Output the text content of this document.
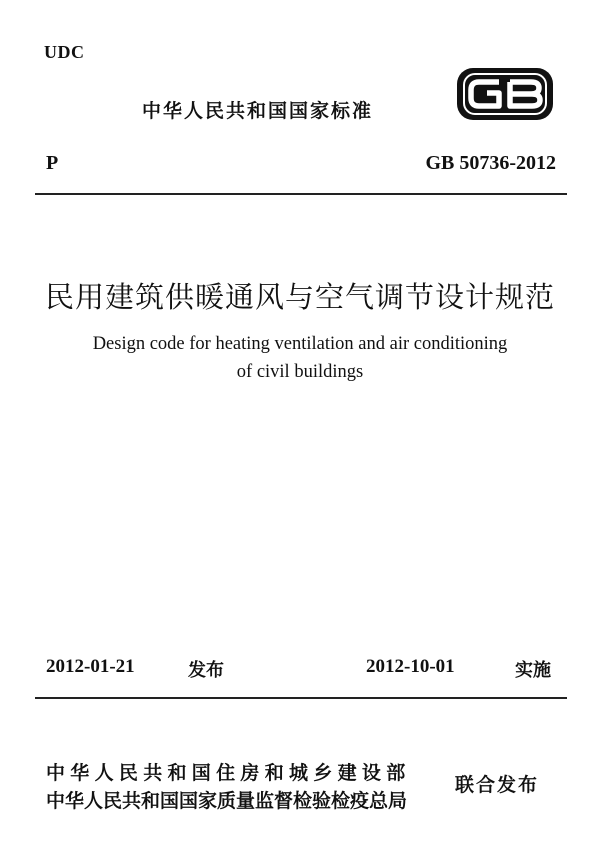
UDC
中华人民共和国国家标准
P	GB 50736-2012
民用建筑供暖通风与空气调节设计规范
Design code for heating ventilation and air conditioning
of civil buildings
2012-01-21	发布	2012-10-01	实施
中华人民共和国住房和城乡建设部
中华人民共和国国家质量监督检验检疫总局
联合发布
